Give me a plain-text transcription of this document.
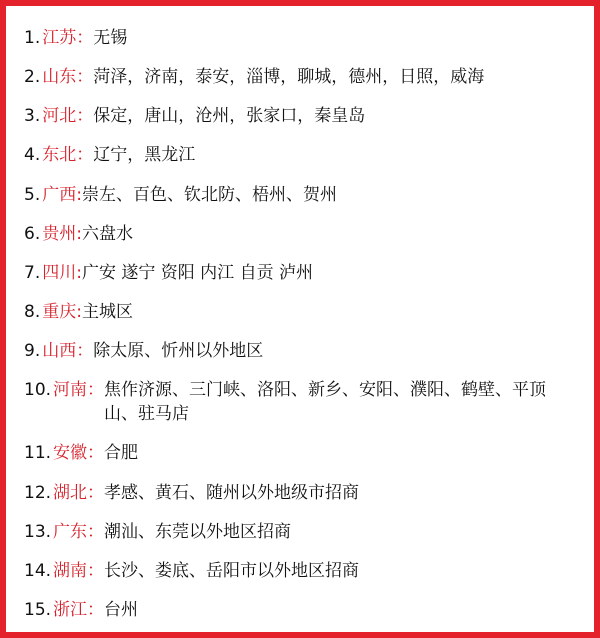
1. 江苏： 无锡
2. 山东： 菏泽，济南，泰安，淄博，聊城，德州，日照，威海
3. 河北： 保定，唐山，沧州，张家口，秦皇岛
4. 东北： 辽宁，黑龙江
5. 广西: 崇左、百色、钦北防、梧州、贺州
6. 贵州: 六盘水
7. 四川: 广安 遂宁 资阳 内江 自贡 泸州
8. 重庆: 主城区
9. 山西： 除太原、忻州以外地区
10. 河南： 焦作济源、三门峡、洛阳、新乡、安阳、濮阳、鹤壁、平顶山、驻马店
11. 安徽： 合肥
12. 湖北： 孝感、黄石、随州以外地级市招商
13. 广东： 潮汕、东莞以外地区招商
14. 湖南： 长沙、娄底、岳阳市以外地区招商
15. 浙江： 台州
